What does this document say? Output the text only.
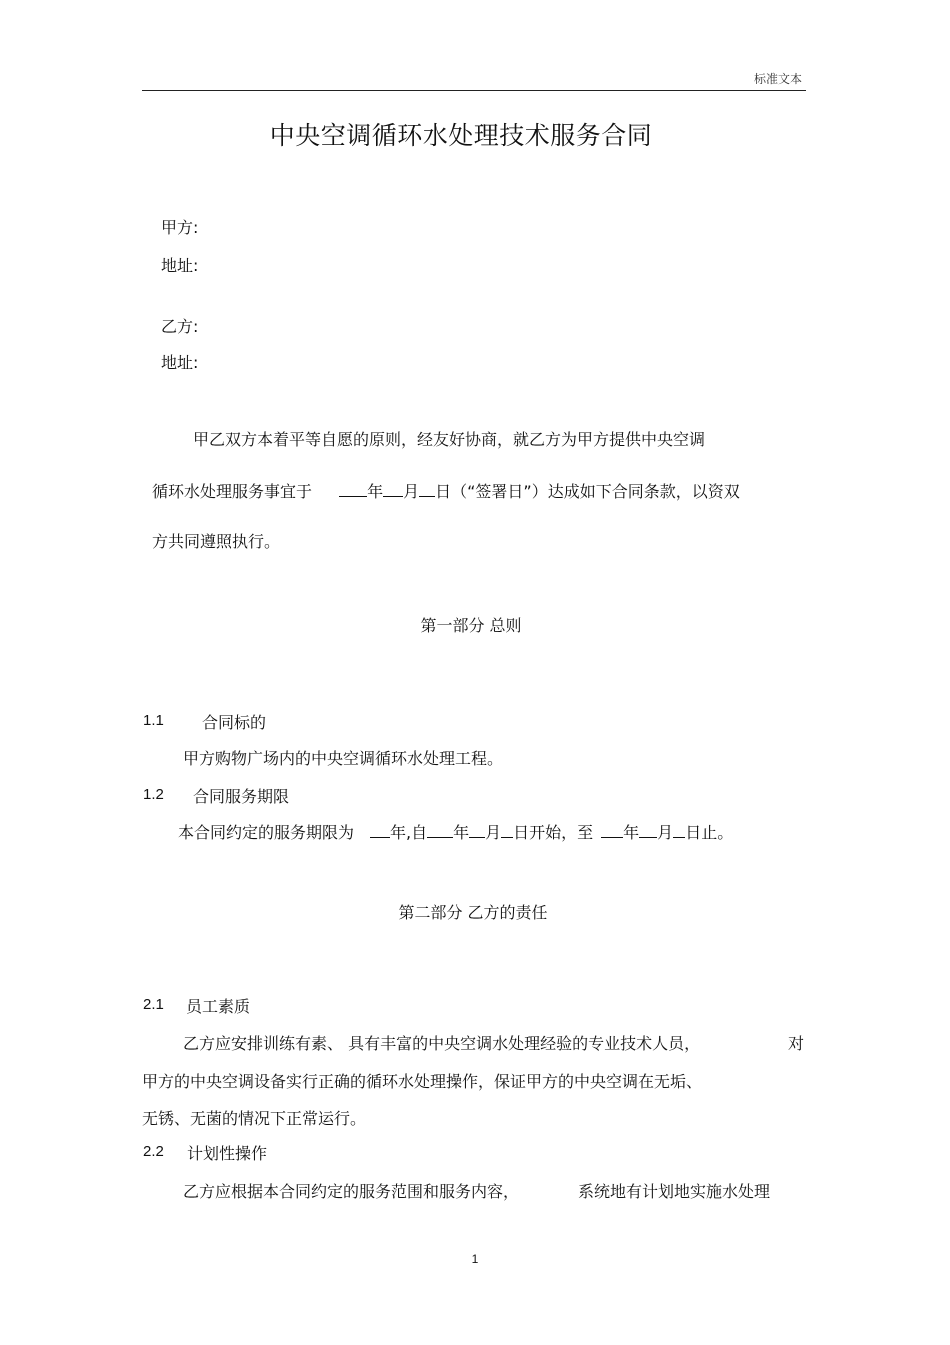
标准文本
中央空调循环水处理技术服务合同
甲方:
地址:
乙方:
地址:
甲乙双方本着平等自愿的原则，经友好协商，就乙方为甲方提供中央空调
循环水处理服务事宜于	年 月 日（“签署日”）达成如下合同条款，以资双
方共同遵照执行。
第一部分 总则
1.1 合同标的
甲方购物广场内的中央空调循环水处理工程。
1.2 合同服务期限
本合同约定的服务期限为 年,自 年 月 日开始，至 年 月 日止。
第二部分 乙方的责任
2.1 员工素质
乙方应安排训练有素、 具有丰富的中央空调水处理经验的专业技术人员，	对
甲方的中央空调设备实行正确的循环水处理操作，保证甲方的中央空调在无垢、
无锈、无菌的情况下正常运行。
2.2 计划性操作
乙方应根据本合同约定的服务范围和服务内容，	系统地有计划地实施水处理
1
